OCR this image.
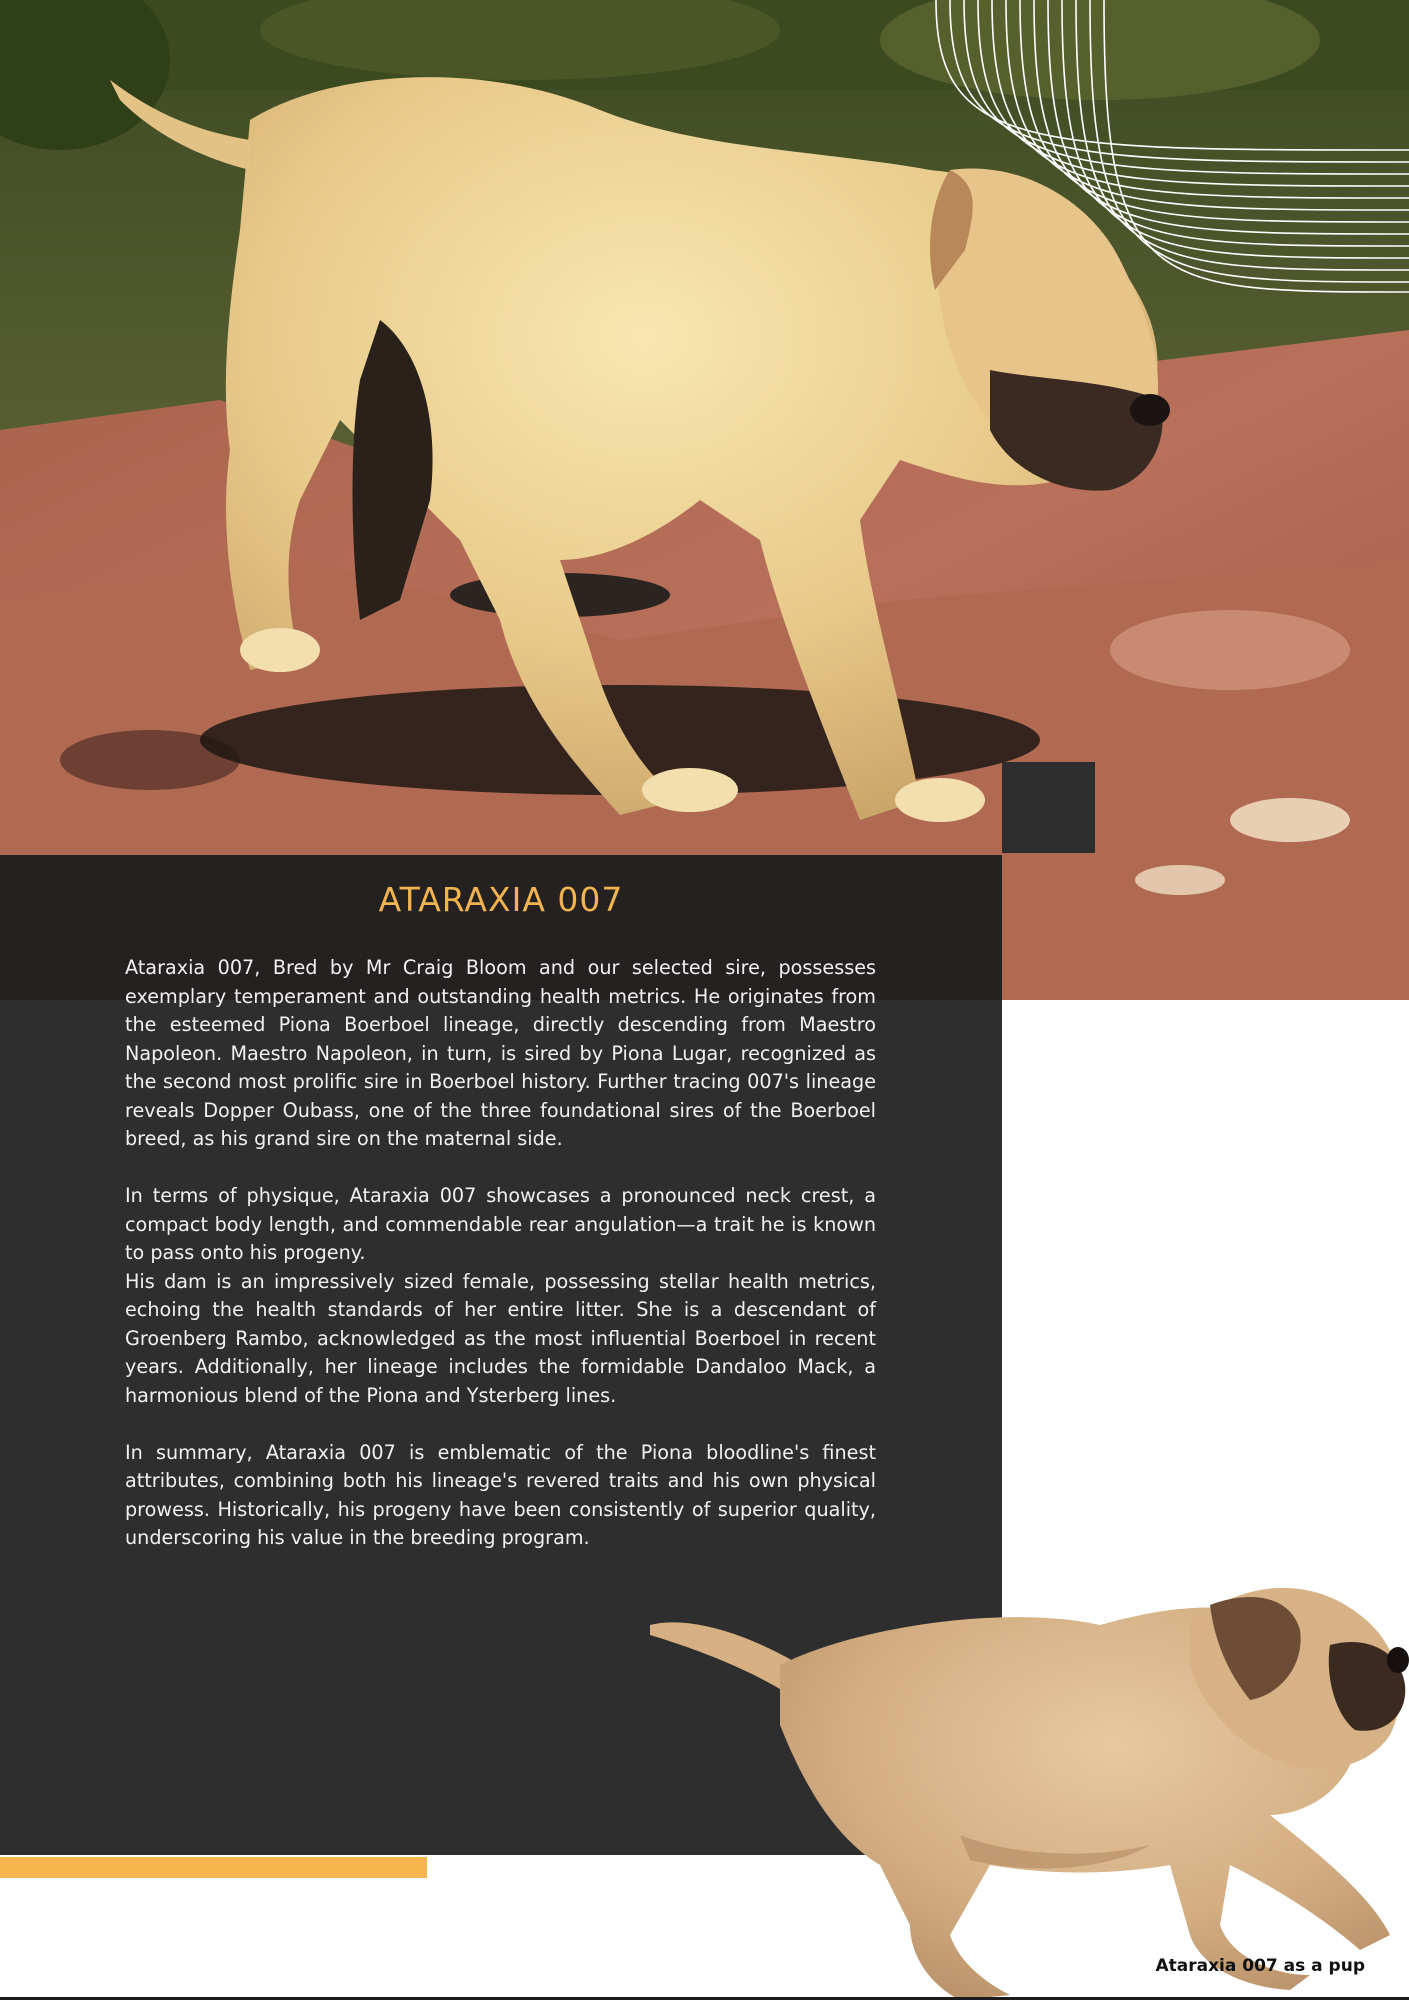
ATARAXIA 007

Ataraxia 007, Bred by Mr Craig Bloom and our selected sire, possesses exemplary temperament and outstanding health metrics. He originates from the esteemed Piona Boerboel lineage, directly descending from Maestro Napoleon. Maestro Napoleon, in turn, is sired by Piona Lugar, recognized as the second most prolific sire in Boerboel history. Further tracing 007's lineage reveals Dopper Oubass, one of the three foundational sires of the Boerboel breed, as his grand sire on the maternal side.

In terms of physique, Ataraxia 007 showcases a pronounced neck crest, a compact body length, and commendable rear angulation—a trait he is known to pass onto his progeny.

His dam is an impressively sized female, possessing stellar health metrics, echoing the health standards of her entire litter. She is a descendant of Groenberg Rambo, acknowledged as the most influential Boerboel in recent years. Additionally, her lineage includes the formidable Dandaloo Mack, a harmonious blend of the Piona and Ysterberg lines.

In summary, Ataraxia 007 is emblematic of the Piona bloodline's finest attributes, combining both his lineage's revered traits and his own physical prowess. Historically, his progeny have been consistently of superior quality, underscoring his value in the breeding program.

Ataraxia 007 as a pup
